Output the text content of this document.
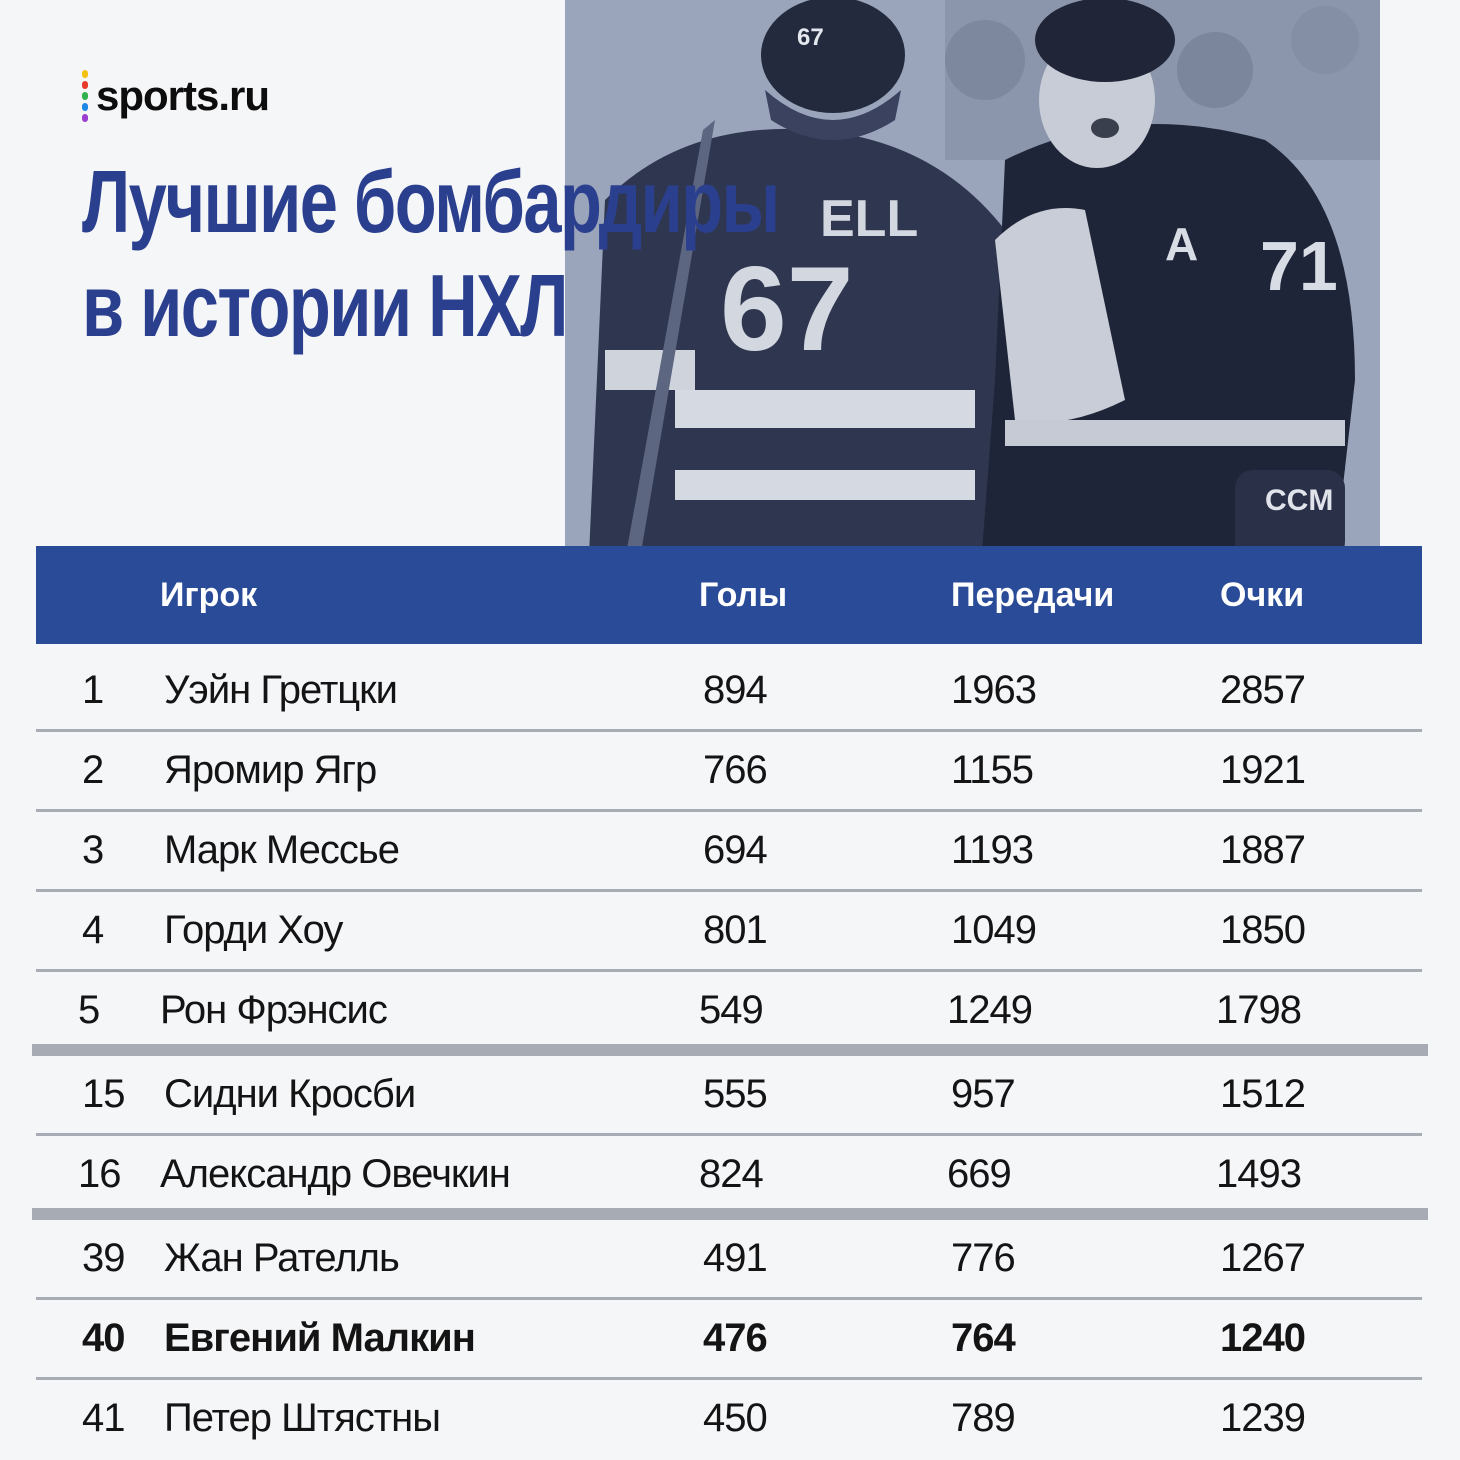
67
ELL
67
71
A
CCM
sports.ru
Лучшие бомбардиры
в истории НХЛ
Игрок	Голы	Передачи	Очки
1 Уэйн Гретцки	894	1963	2857
2 Яромир Ягр	766	1155	1921
3 Марк Мессье	694	1193	1887
4 Горди Хоу	801	1049	1850
5 Рон Фрэнсис	549	1249	1798
15 Сидни Кросби	555	957	1512
16 Александр Овечкин	824	669	1493
39 Жан Рателль	491	776	1267
40 Евгений Малкин	476	764	1240
41 Петер Штястны	450	789	1239
